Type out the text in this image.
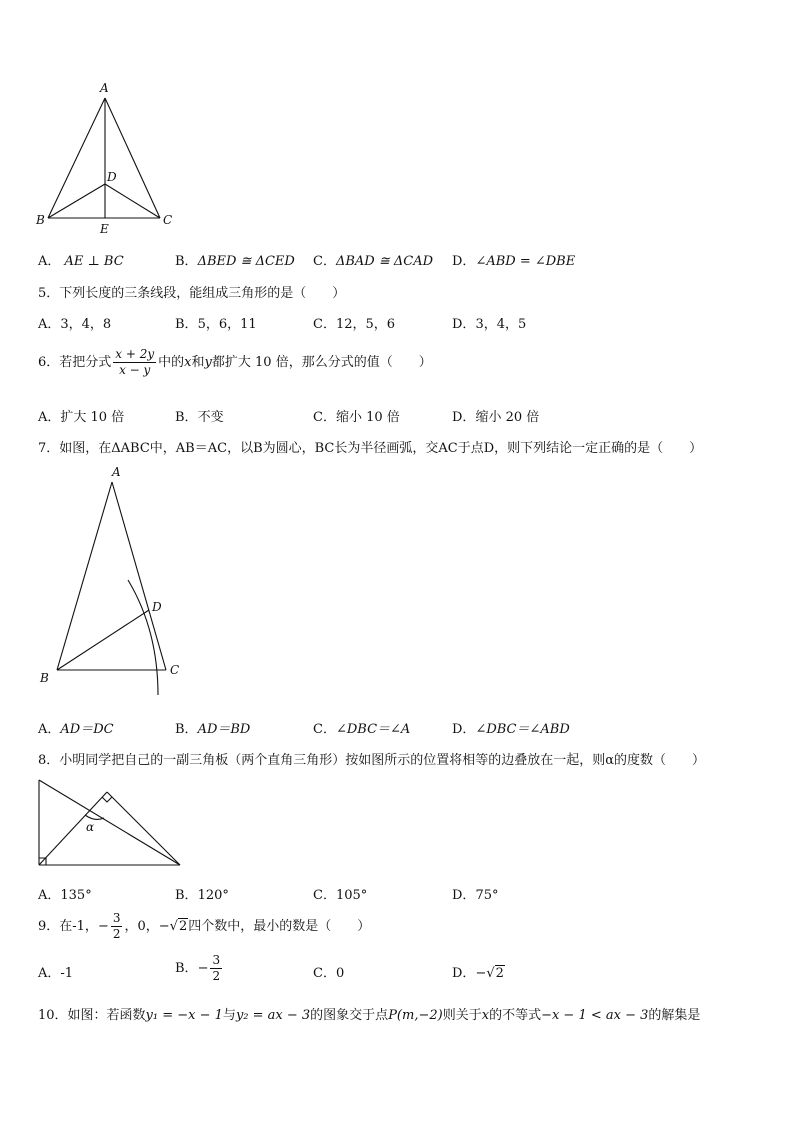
A
B	C
D
E
A． AE ⊥ BC	B．ΔBED ≅ ΔCED C．ΔBAD ≅ ΔCAD D．∠ABD = ∠DBE
5．下列长度的三条线段，能组成三角形的是（　　）
A．3，4，8	B．5，6，11	C．12，5，6	D．3，4，5
6．若把分式 $\frac{x + 2y}{x - y}$ 中的x和y都扩大 10 倍，那么分式的值（　　）
A．扩大 10 倍	B．不变	C．缩小 10 倍	D．缩小 20 倍
7．如图，在ΔABC中，AB＝AC，以B为圆心，BC长为半径画弧，交AC于点D，则下列结论一定正确的是（　　）
A
B
C
D
A．AD＝DC	B．AD＝BD	C．∠DBC＝∠A	D．∠DBC＝∠ABD
8．小明同学把自己的一副三角板（两个直角三角形）按如图所示的位置将相等的边叠放在一起，则α的度数（　　）
α
A．135°	B．120°	C．105°	D．75°
9．在-1，− $\frac{3}{2}$ ，0，−√2四个数中，最小的数是（　　）
A．-1	B．− $\frac{3}{2}$	C．0	D．−√2
10．如图：若函数y₁ = −x − 1与y₂ = ax − 3的图象交于点P(m,−2)则关于x的不等式−x − 1 < ax − 3的解集是
